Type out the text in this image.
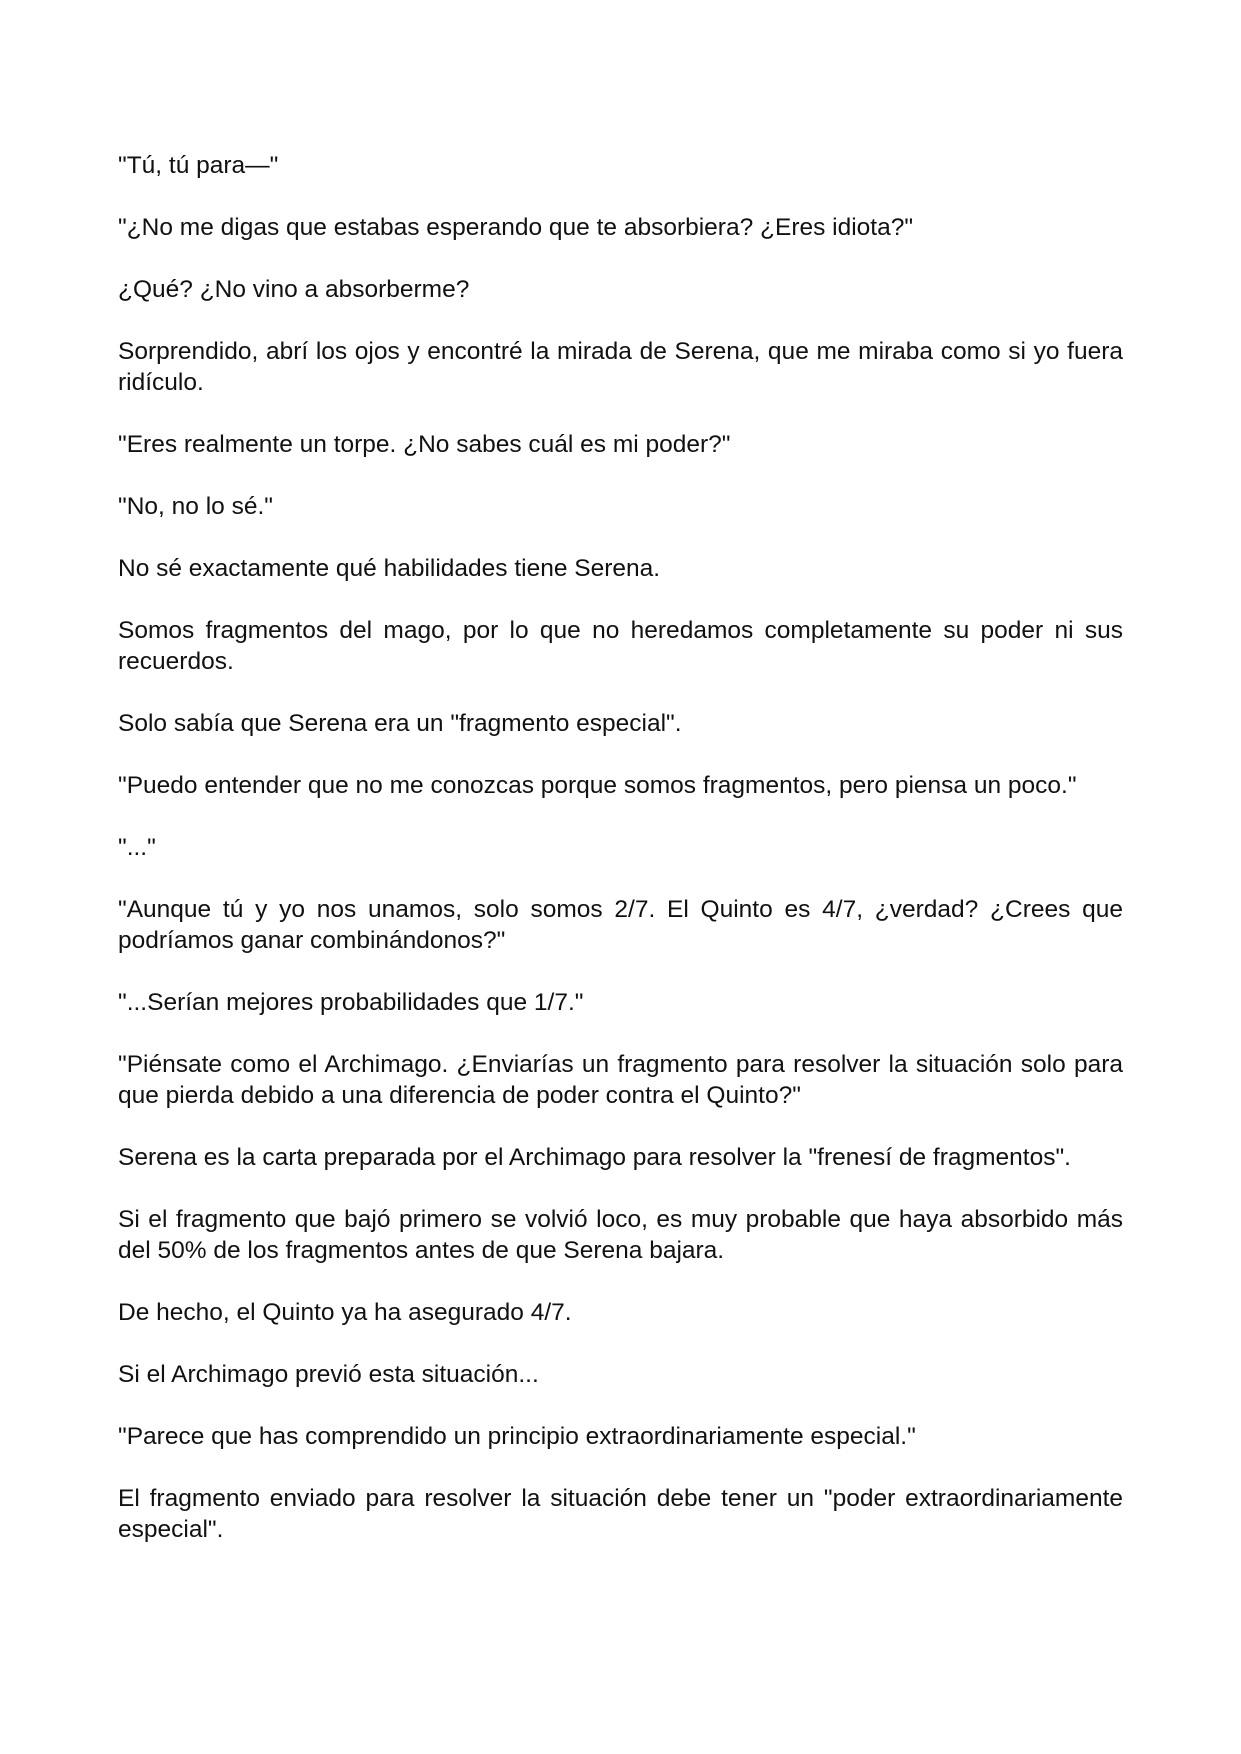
"Tú, tú para—"

"¿No me digas que estabas esperando que te absorbiera? ¿Eres idiota?"

¿Qué? ¿No vino a absorberme?

Sorprendido, abrí los ojos y encontré la mirada de Serena, que me miraba como si yo fuera ridículo.

"Eres realmente un torpe. ¿No sabes cuál es mi poder?"

"No, no lo sé."

No sé exactamente qué habilidades tiene Serena.

Somos fragmentos del mago, por lo que no heredamos completamente su poder ni sus recuerdos.

Solo sabía que Serena era un "fragmento especial".

"Puedo entender que no me conozcas porque somos fragmentos, pero piensa un poco."

"..."

"Aunque tú y yo nos unamos, solo somos 2/7. El Quinto es 4/7, ¿verdad? ¿Crees que podríamos ganar combinándonos?"

"...Serían mejores probabilidades que 1/7."

"Piénsate como el Archimago. ¿Enviarías un fragmento para resolver la situación solo para que pierda debido a una diferencia de poder contra el Quinto?"

Serena es la carta preparada por el Archimago para resolver la "frenesí de fragmentos".

Si el fragmento que bajó primero se volvió loco, es muy probable que haya absorbido más del 50% de los fragmentos antes de que Serena bajara.

De hecho, el Quinto ya ha asegurado 4/7.

Si el Archimago previó esta situación...

"Parece que has comprendido un principio extraordinariamente especial."

El fragmento enviado para resolver la situación debe tener un "poder extraordinariamente especial".
